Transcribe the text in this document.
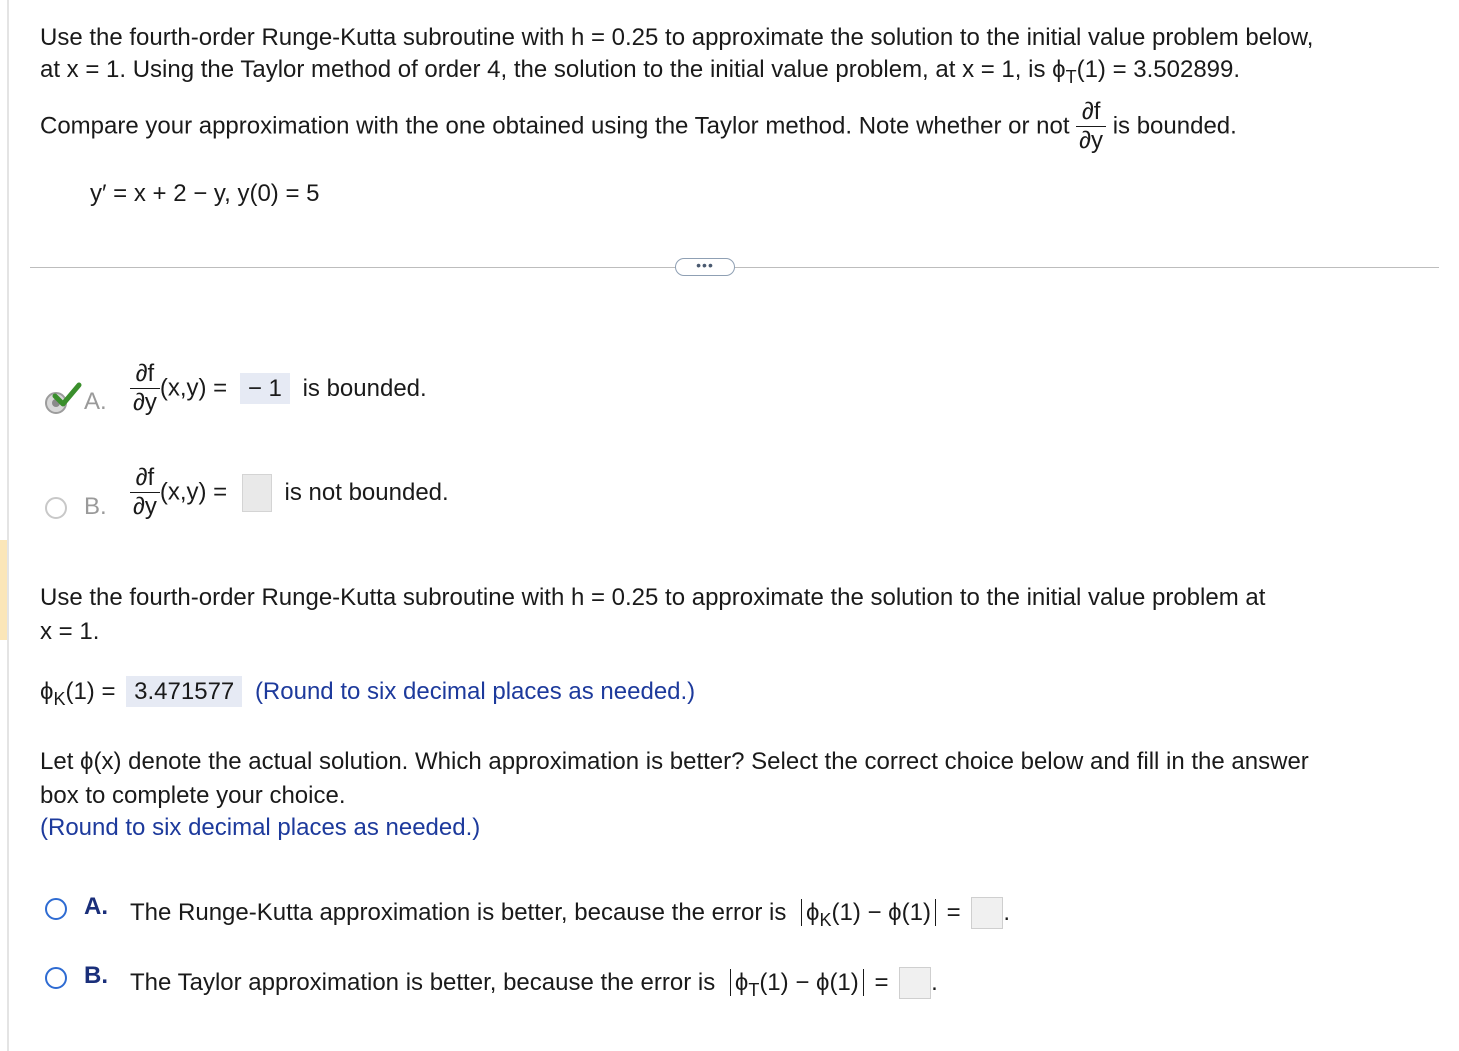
Use the fourth-order Runge-Kutta subroutine with h = 0.25 to approximate the solution to the initial value problem below,
at x = 1. Using the Taylor method of order 4, the solution to the initial value problem, at x = 1, is $\phi_T(1) = 3.502899$.
Compare your approximation with the one obtained using the Taylor method. Note whether or not $\frac{\partial f}{\partial y}$ is bounded.
y′ = x + 2 − y, y(0) = 5
•••
A. $\frac{\partial f}{\partial y} (x,y)$ = − 1 is bounded.
B. $\frac{\partial f}{\partial y} (x,y)$ = is not bounded.
Use the fourth-order Runge-Kutta subroutine with h = 0.25 to approximate the solution to the initial value problem at
x = 1.
$\phi_K(1) = 3.471577$ (Round to six decimal places as needed.)
Let ϕ(x) denote the actual solution. Which approximation is better? Select the correct choice below and fill in the answer
box to complete your choice.
(Round to six decimal places as needed.)
A. The Runge-Kutta approximation is better, because the error is $\phi_K(1) - \phi(1)$ = .
B. The Taylor approximation is better, because the error is $\phi_T(1) - \phi(1)$ = .
